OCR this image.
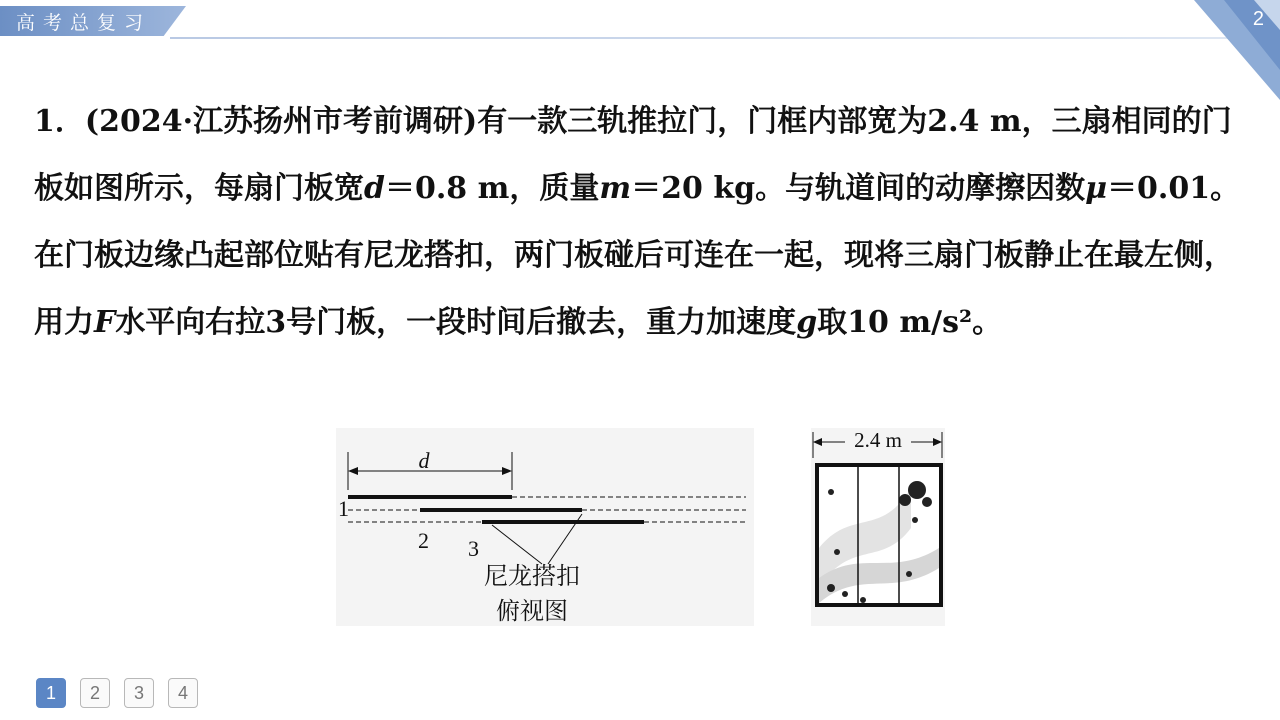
高考总复习	2
1．(2024·江苏扬州市考前调研)有一款三轨推拉门，门框内部宽为2.4 m，三扇相同的门板如图所示，每扇门板宽d＝0.8 m，质量m＝20 kg。与轨道间的动摩擦因数μ＝0.01。在门板边缘凸起部位贴有尼龙搭扣，两门板碰后可连在一起，现将三扇门板静止在最左侧，用力F水平向右拉3号门板，一段时间后撤去，重力加速度g取10 m/s²。
d
1
2 3
尼龙搭扣
俯视图
2.4 m
1	2	3	4
